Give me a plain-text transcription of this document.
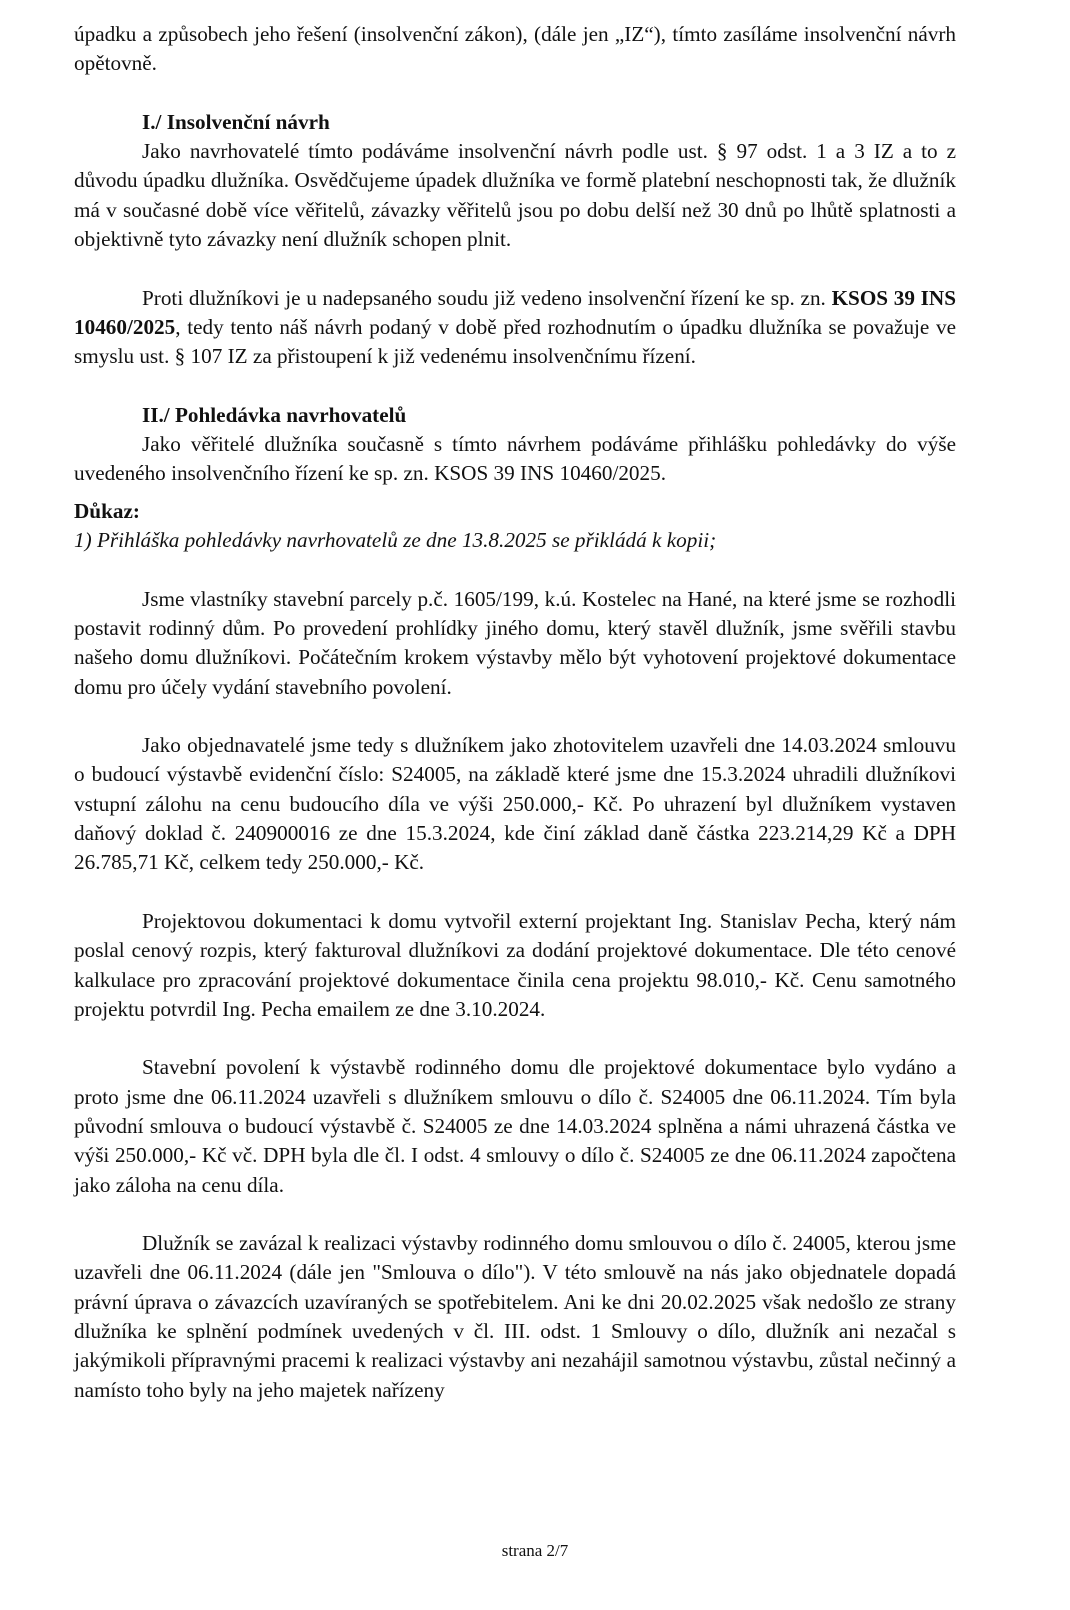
úpadku a způsobech jeho řešení (insolvenční zákon), (dále jen „IZ“), tímto zasíláme insolvenční návrh opětovně.

I./ Insolvenční návrh

Jako navrhovatelé tímto podáváme insolvenční návrh podle ust. § 97 odst. 1 a 3 IZ a to z důvodu úpadku dlužníka. Osvědčujeme úpadek dlužníka ve formě platební neschopnosti tak, že dlužník má v současné době více věřitelů, závazky věřitelů jsou po dobu delší než 30 dnů po lhůtě splatnosti a objektivně tyto závazky není dlužník schopen plnit.

Proti dlužníkovi je u nadepsaného soudu již vedeno insolvenční řízení ke sp. zn. KSOS 39 INS 10460/2025, tedy tento náš návrh podaný v době před rozhodnutím o úpadku dlužníka se považuje ve smyslu ust. § 107 IZ za přistoupení k již vedenému insolvenčnímu řízení.

II./ Pohledávka navrhovatelů

Jako věřitelé dlužníka současně s tímto návrhem podáváme přihlášku pohledávky do výše uvedeného insolvenčního řízení ke sp. zn. KSOS 39 INS 10460/2025.

Důkaz:

1) Přihláška pohledávky navrhovatelů ze dne 13.8.2025 se přikládá k kopii;

Jsme vlastníky stavební parcely p.č. 1605/199, k.ú. Kostelec na Hané, na které jsme se rozhodli postavit rodinný dům. Po provedení prohlídky jiného domu, který stavěl dlužník, jsme svěřili stavbu našeho domu dlužníkovi. Počátečním krokem výstavby mělo být vyhotovení projektové dokumentace domu pro účely vydání stavebního povolení.

Jako objednavatelé jsme tedy s dlužníkem jako zhotovitelem uzavřeli dne 14.03.2024 smlouvu o budoucí výstavbě evidenční číslo: S24005, na základě které jsme dne 15.3.2024 uhradili dlužníkovi vstupní zálohu na cenu budoucího díla ve výši 250.000,- Kč. Po uhrazení byl dlužníkem vystaven daňový doklad č. 240900016 ze dne 15.3.2024, kde činí základ daně částka 223.214,29 Kč a DPH 26.785,71 Kč, celkem tedy 250.000,- Kč.

Projektovou dokumentaci k domu vytvořil externí projektant Ing. Stanislav Pecha, který nám poslal cenový rozpis, který fakturoval dlužníkovi za dodání projektové dokumentace. Dle této cenové kalkulace pro zpracování projektové dokumentace činila cena projektu 98.010,- Kč. Cenu samotného projektu potvrdil Ing. Pecha emailem ze dne 3.10.2024.

Stavební povolení k výstavbě rodinného domu dle projektové dokumentace bylo vydáno a proto jsme dne 06.11.2024 uzavřeli s dlužníkem smlouvu o dílo č. S24005 dne 06.11.2024. Tím byla původní smlouva o budoucí výstavbě č. S24005 ze dne 14.03.2024 splněna a námi uhrazená částka ve výši 250.000,- Kč vč. DPH byla dle čl. I odst. 4 smlouvy o dílo č. S24005 ze dne 06.11.2024 započtena jako záloha na cenu díla.

Dlužník se zavázal k realizaci výstavby rodinného domu smlouvou o dílo č. 24005, kterou jsme uzavřeli dne 06.11.2024 (dále jen "Smlouva o dílo"). V této smlouvě na nás jako objednatele dopadá právní úprava o závazcích uzavíraných se spotřebitelem. Ani ke dni 20.02.2025 však nedošlo ze strany dlužníka ke splnění podmínek uvedených v čl. III. odst. 1 Smlouvy o dílo, dlužník ani nezačal s jakýmikoli přípravnými pracemi k realizaci výstavby ani nezahájil samotnou výstavbu, zůstal nečinný a namísto toho byly na jeho majetek nařízeny

strana 2/7
